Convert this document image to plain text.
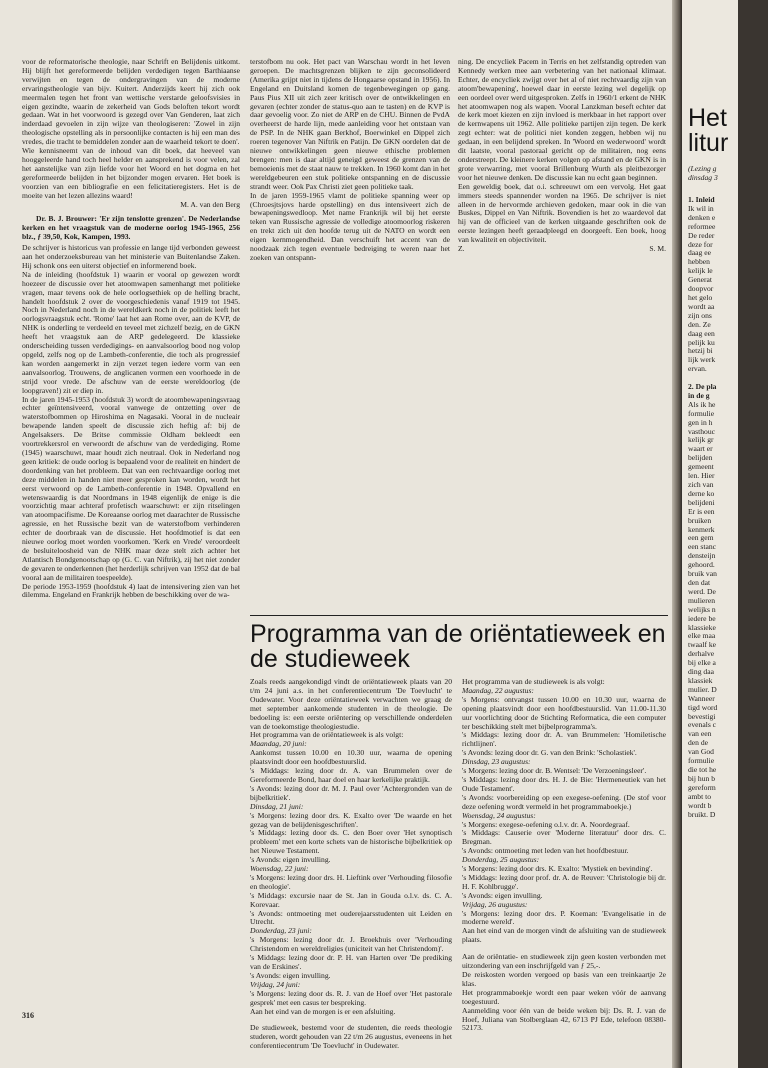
voor de reformatorische theologie, naar Schrift en Belijdenis uitkomt. Hij blijft het gereformeerde belijden verdedigen tegen Barthiaanse verwijten en tegen de ondergravingen van de moderne ervaringstheologie van bijv. Kuitert. Anderzijds keert hij zich ook meermalen tegen het front van wettische verstarde geloofsvisies in eigen gezindte, waarin de zekerheid van Gods beloften tekort wordt gedaan. Wat in het voorwoord is gezegd over Van Genderen, laat zich inderdaad gevoelen in zijn wijze van theologiseren: 'Zowel in zijn theologische opstelling als in persoonlijke contacten is hij een man des vredes, die tracht te bemiddelen zonder aan de waarheid tekort te doen'.

Wie kennisneemt van de inhoud van dit boek, dat heeveel van hooggeleerde hand toch heel helder en aansprekend is voor velen, zal het aanstelijke van zijn liefde voor het Woord en het dogma en het gereformeerde belijden in het bijzonder mogen ervaren. Het boek is voorzien van een bibliografie en een felicitatieregisters. Het is de moeite van het lezen allezins waard!

M. A. van den Berg

Dr. B. J. Brouwer: 'Er zijn tenslotte grenzen'. De Nederlandse kerken en het vraagstuk van de moderne oorlog 1945-1965, 256 blz., ƒ 39,50, Kok, Kampen, 1993.

De schrijver is historicus van professie en lange tijd verbonden geweest aan het onderzoeksbureau van het ministerie van Buitenlandse Zaken. Hij schonk ons een uiterst objectief en informerend boek.

Na de inleiding (hoofdstuk 1) waarin er vooral op gewezen wordt hoezeer de discussie over het atoomwapen samenhangt met politieke vragen, maar tevens ook de hele oorlogsethiek op de helling bracht, handelt hoofdstuk 2 over de voorgeschiedenis vanaf 1919 tot 1945. Noch in Nederland noch in de wereldkerk noch in de politiek leeft het oorlogsvraagstuk echt. 'Rome' laat het aan Rome over, aan de KVP, de NHK is onderling te verdeeld en teveel met zichzelf bezig, en de GKN heeft het vraagstuk aan de ARP gedelegeerd. De klassieke onderscheiding tussen verdedigings- en aanvalsoorlog bood nog volop opgeld, zelfs nog op de Lambeth-conferentie, die toch als progressief kan worden aangemerkt in zijn verzet tegen iedere vorm van een aanvalsoorlog. Trouwens, de anglicanen vormen een voorhoede in de strijd voor vrede. De afschuw van de eerste wereldoorlog (de loopgraven!) zit er diep in.

In de jaren 1945-1953 (hoofdstuk 3) wordt de atoombewapeningsvraag echter geïntensiveerd, vooral vanwege de ontzetting over de waterstofbommen op Hiroshima en Nagasaki. Vooral in de nucleair bewapende landen speelt de discussie zich heftig af: bij de Angelsaksers. De Britse commissie Oldham bekleedt een voortrekkersrol en verwoordt de afschuw van de verdediging. Rome (1945) waarschuwt, maar houdt zich neutraal. Ook in Nederland nog geen kritiek: de oude oorlog is bepaalend voor de realiteit en hindert de doordenking van het probleem. Dat van een rechtvaardige oorlog met deze middelen in handen niet meer gesproken kan worden, wordt het eerst verwoord op de Lambeth-conferentie in 1948. Opvallend en wetenswaardig is dat Noordmans in 1948 eigenlijk de enige is die voorzichtig maar achteraf profetisch waarschuwt: er zijn ritselingen van atoompacifisme. De Koreaanse oorlog met daarachter de Russische agressie, en het Russische bezit van de waterstofbom verhinderen echter de doorbraak van de discussie. Het hoofdmotief is dat een nieuwe oorlog moet worden voorkomen. 'Kerk en Vrede' veroordeelt de besluiteloosheid van de NHK maar deze stelt zich achter het Atlantisch Bondgenootschap op (G. C. van Niftrik), zij het niet zonder de gevaren te onderkennen (het herderlijk schrijven van 1952 dat de bal vooral aan de militairen toespeelde).

De periode 1953-1959 (hoofdstuk 4) laat de intensivering zien van het dilemma. Engeland en Frankrijk hebben de beschikking over de wa-

terstofbom nu ook. Het pact van Warschau wordt in het leven geroepen. De machtsgrenzen blijken te zijn geconsolideerd (Amerika grijpt niet in tijdens de Hongaarse opstand in 1956). In Engeland en Duitsland komen de tegenbewegingen op gang. Paus Pius XII uit zich zeer kritisch over de ontwikkelingen en gevaren (echter zonder de status-quo aan te tasten) en de KVP is daar gevoelig voor. Zo niet de ARP en de CHU. Binnen de PvdA overheerst de harde lijn, mede aanleiding voor het ontstaan van de PSP. In de NHK gaan Berkhof, Boerwinkel en Dippel zich roeren tegenover Van Niftrik en Patijn. De GKN oordelen dat de nieuwe ontwikkelingen geen nieuwe ethische problemen brengen: men is daar altijd geneigd geweest de grenzen van de bemoeienis met de staat nauw te trekken. In 1960 komt dan in het wereldgebeuren een stuk politieke ontspanning en de discussie strandt weer. Ook Pax Christi ziet geen politieke taak.

In de jaren 1959-1965 vlamt de politieke spanning weer op (Chroesjtsjovs harde opstelling) en dus intensiveert zich de bewapeningswedloop. Met name Frankrijk wil bij het eerste teken van Russische agressie de volledige atoomoorlog riskeren en trekt zich uit den hoofde terug uit de NATO en wordt een eigen kernmogendheid. Dan verschuift het accent van de noodzaak zich tegen eventuele bedreiging te weren naar het zoeken van ontspann-

ning. De encycliek Pacem in Terris en het zelfstandig optreden van Kennedy werken mee aan verbetering van het nationaal klimaat. Echter, de encycliek zwijgt over het al of niet rechtvaardig zijn van atoom'bewapening', hoewel daar in eerste lezing wel degelijk op een oordeel over werd uitgesproken. Zelfs in 1960/1 erkent de NHK het atoomwapen nog als wapen. Vooral Lanzkman beseft echter dat de kerk moet kiezen en zijn invloed is merkbaar in het rapport over de kernwapens uit 1962. Alle politieke partijen zijn tegen. De kerk zegt echter: wat de politici niet konden zeggen, hebben wij nu gedaan, in een belijdend spreken. In 'Woord en wederwoord' wordt dit laatste, vooral pastoraal gericht op de militairen, nog eens onderstreept. De kleinere kerken volgen op afstand en de GKN is in grote verwarring, met vooral Brillenburg Wurth als pleitbezorger voor het nieuwe denken. De discussie kan nu echt gaan beginnen.

Een geweldig boek, dat o.i. schreeuwt om een vervolg. Het gaat immers steeds spannender worden na 1965. De schrijver is niet alleen in de hervormde archieven gedoken, maar ook in die van Buskes, Dippel en Van Niftrik. Bovendien is het zo waardevol dat hij van de officieel van de kerken uitgaande geschriften ook de eerste lezingen heeft geraadpleegd en doorgeeft. Een boek, hoog van kwaliteit en objectiviteit.

Z.	S. M.
Programma van de oriëntatieweek en de studieweek

Zoals reeds aangekondigd vindt de oriëntatieweek plaats van 20 t/m 24 juni a.s. in het conferentiecentrum 'De Toevlucht' te Oudewater. Voor deze oriëntatieweek verwachten we graag de met september aankomende studenten in de theologie. De bedoeling is: een eerste oriëntering op verschillende onderdelen van de toekomstige theologiestudie.

Het programma van de oriëntatieweek is als volgt:

Maandag, 20 juni:

Aankomst tussen 10.00 en 10.30 uur, waarna de opening plaatsvindt door een hoofdbestuurslid.

's Middags: lezing door dr. A. van Brummelen over de Gereformeerde Bond, haar doel en haar kerkelijke praktijk.

's Avonds: lezing door dr. M. J. Paul over 'Achtergronden van de bijbelkritiek'.

Dinsdag, 21 juni:

's Morgens: lezing door drs. K. Exalto over 'De waarde en het gezag van de belijdenisgeschriften'.

's Middags: lezing door ds. C. den Boer over 'Het synoptisch probleem' met een korte schets van de historische bijbelkritiek op het Nieuwe Testament.

's Avonds: eigen invulling.

Woensdag, 22 juni:

's Morgens: lezing door drs. H. Lieftink over 'Verhouding filosofie en theologie'.

's Middags: excursie naar de St. Jan in Gouda o.l.v. ds. C. A. Korevaar.

's Avonds: ontmoeting met ouderejaarsstudenten uit Leiden en Utrecht.

Donderdag, 23 juni:

's Morgens: lezing door dr. J. Broekhuis over 'Verhouding Christendom en wereldreligies (uniciteit van het Christendom)'.

's Middags: lezing door dr. P. H. van Harten over 'De prediking van de Erskines'.

's Avonds: eigen invulling.

Vrijdag, 24 juni:

's Morgens: lezing door ds. R. J. van de Hoef over 'Het pastorale gesprek' met een casus ter bespreking.

Aan het eind van de morgen is er een afsluiting.

De studieweek, bestemd voor de studenten, die reeds theologie studeren, wordt gehouden van 22 t/m 26 augustus, eveneens in het conferentiecentrum 'De Toevlucht' in Oudewater.

Het programma van de studieweek is als volgt:

Maandag, 22 augustus:

's Morgens: ontvangst tussen 10.00 en 10.30 uur, waarna de opening plaatsvindt door een hoofdbestuurslid. Van 11.00-11.30 uur voorlichting door de Stichting Reformatica, die een computer ter beschikking stelt met bijbelprogramma's.

's Middags: lezing door dr. A. van Brummelen: 'Homiletische richtlijnen'.

's Avonds: lezing door dr. G. van den Brink: 'Scholastiek'.

Dinsdag, 23 augustus:

's Morgens: lezing door dr. B. Wentsel: 'De Verzoeningsleer'.

's Middags: lezing door drs. H. J. de Bie: 'Hermeneutiek van het Oude Testament'.

's Avonds: voorbereiding op een exegese-oefening. (De stof voor deze oefening wordt vermeld in het programmaboekje.)

Woensdag, 24 augustus:

's Morgens: exegese-oefening o.l.v. dr. A. Noordegraaf.

's Middags: Causerie over 'Moderne literatuur' door drs. C. Bregman.

's Avonds: ontmoeting met leden van het hoofdbestuur.

Donderdag, 25 augustus:

's Morgens: lezing door drs. K. Exalto: 'Mystiek en bevinding'.

's Middags: lezing door prof. dr. A. de Reuver: 'Christologie bij dr. H. F. Kohlbrugge'.

's Avonds: eigen invulling.

Vrijdag, 26 augustus:

's Morgens: lezing door drs. P. Koeman: 'Evangelisatie in de moderne wereld'.

Aan het eind van de morgen vindt de afsluiting van de studieweek plaats.

Aan de oriëntatie- en studieweek zijn geen kosten verbonden met uitzondering van een inschrijfgeld van ƒ 25,-.

De reiskosten worden vergoed op basis van een treinkaartje 2e klas.

Het programmaboekje wordt een paar weken vóór de aanvang toegestuurd.

Aanmelding voor één van de beide weken bij: Ds. R. J. van de Hoef, Juliana van Stolberglaan 42, 6713 PJ Ede, telefoon 08380-52173.

316
Het
litur
(Lezing g
dinsdag 3

1. Inleid

Ik wil in

denken e

reformee

De reder

deze for

daag ee

hebben

kelijk le

Generat

doopvor

het gelo

wordt aa

zijn ons

den. Ze

daag een

pelijk ku

hetzij bi

lijk werk

ervan.

2. De pla

in de g

Als ik he

formulie

gen in h

vasthouc

kelijk gr

waart er

belijden

gemeent

len. Hier

zich van

derne ko

belijdeni

Er is een

bruiken

kenmerk

een gem

een stanc

densteijn

gehoord.

bruik van

den dat

werd. De

mulieren

welijks n

iedere be

klassieke

elke maa

twaalf ke

derhalve

bij elke a

ding daa

klassiek

mulier. D

Wanneer

tigd word

bevestigi

evenals c

van een

den de

van God

formulie

die tot he

bij hun b

gereform

ambt to

wordt b

bruikt. D
